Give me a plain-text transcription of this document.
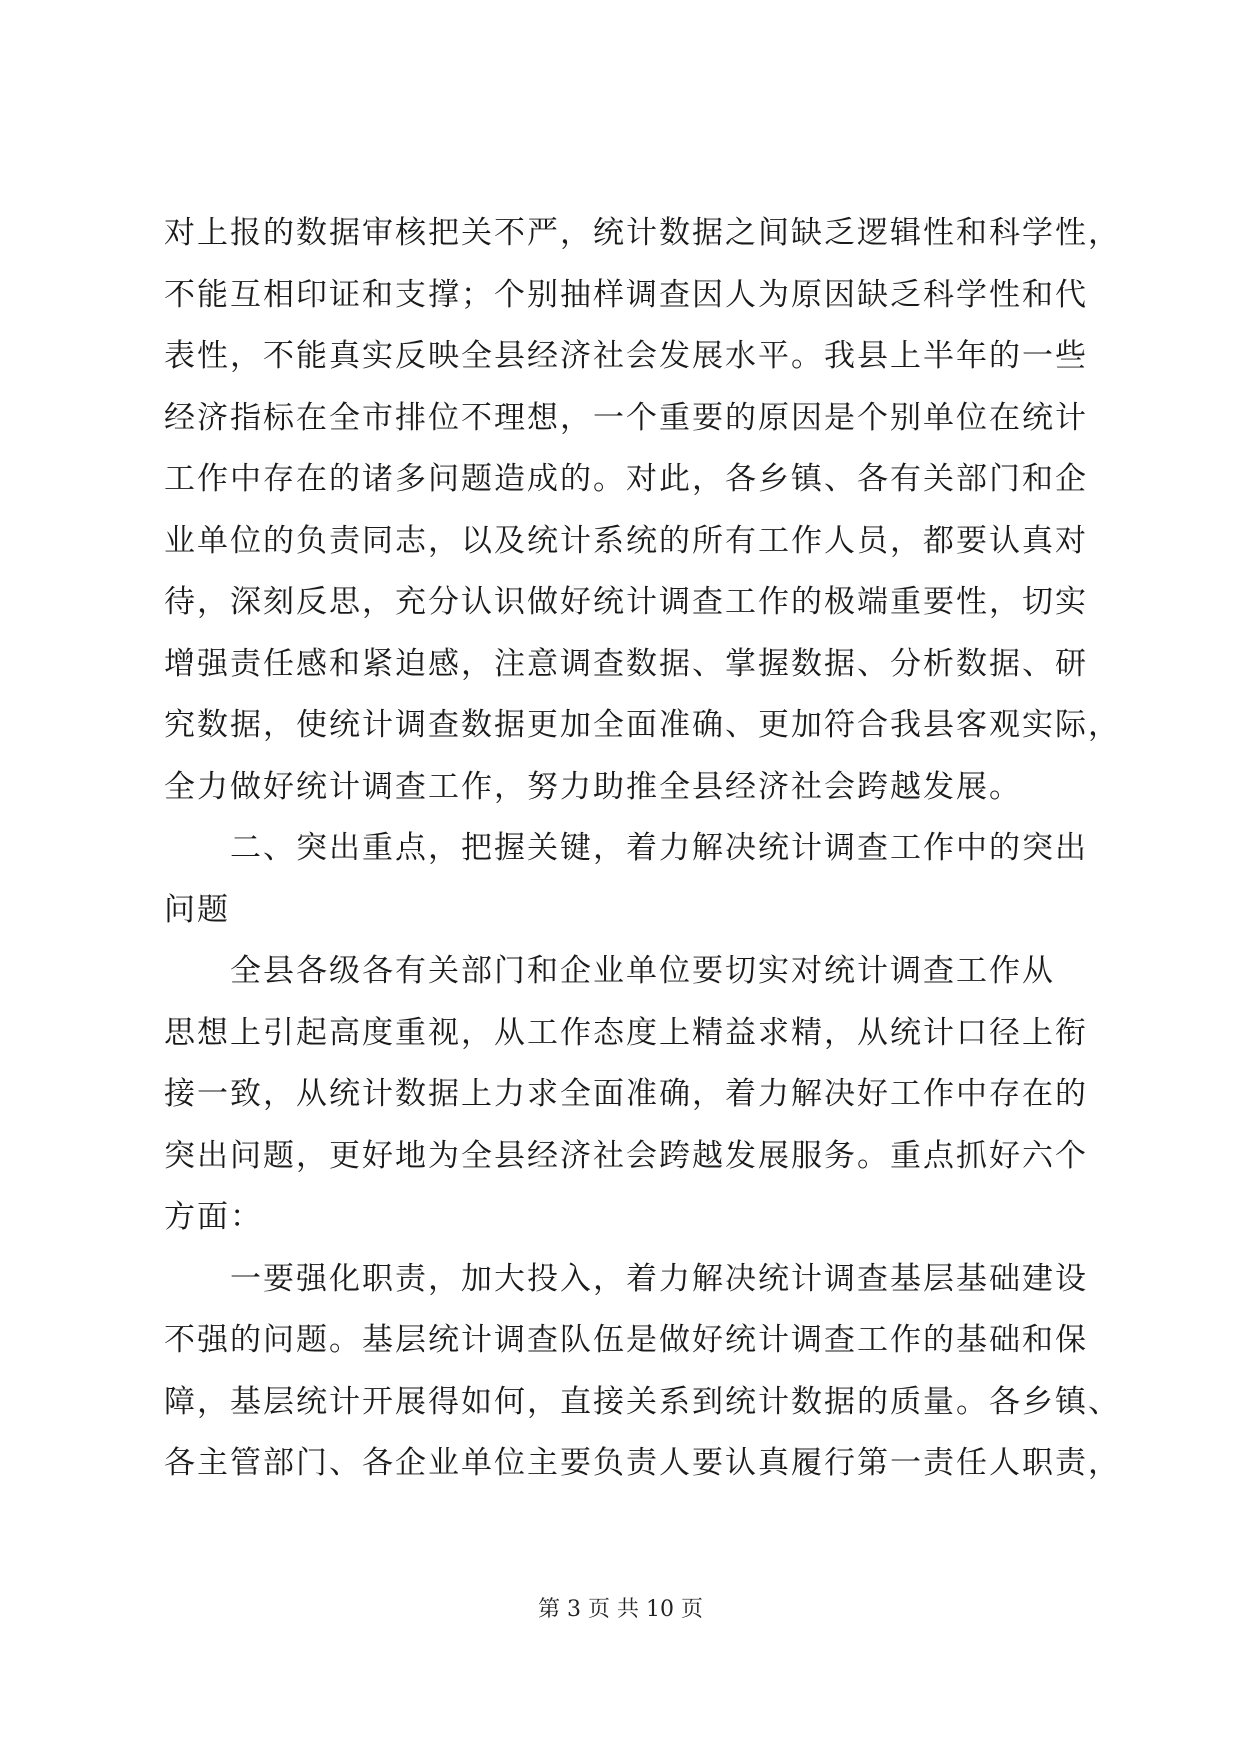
对上报的数据审核把关不严，统计数据之间缺乏逻辑性和科学性，
不能互相印证和支撑；个别抽样调查因人为原因缺乏科学性和代
表性，不能真实反映全县经济社会发展水平。我县上半年的一些
经济指标在全市排位不理想，一个重要的原因是个别单位在统计
工作中存在的诸多问题造成的。对此，各乡镇、各有关部门和企
业单位的负责同志，以及统计系统的所有工作人员，都要认真对
待，深刻反思，充分认识做好统计调查工作的极端重要性，切实
增强责任感和紧迫感，注意调查数据、掌握数据、分析数据、研
究数据，使统计调查数据更加全面准确、更加符合我县客观实际，
全力做好统计调查工作，努力助推全县经济社会跨越发展。
　　二、突出重点，把握关键，着力解决统计调查工作中的突出
问题
　　全县各级各有关部门和企业单位要切实对统计调查工作从
思想上引起高度重视，从工作态度上精益求精，从统计口径上衔
接一致，从统计数据上力求全面准确，着力解决好工作中存在的
突出问题，更好地为全县经济社会跨越发展服务。重点抓好六个
方面：
　　一要强化职责，加大投入，着力解决统计调查基层基础建设
不强的问题。基层统计调查队伍是做好统计调查工作的基础和保
障，基层统计开展得如何，直接关系到统计数据的质量。各乡镇、
各主管部门、各企业单位主要负责人要认真履行第一责任人职责，
第 3 页 共 10 页
